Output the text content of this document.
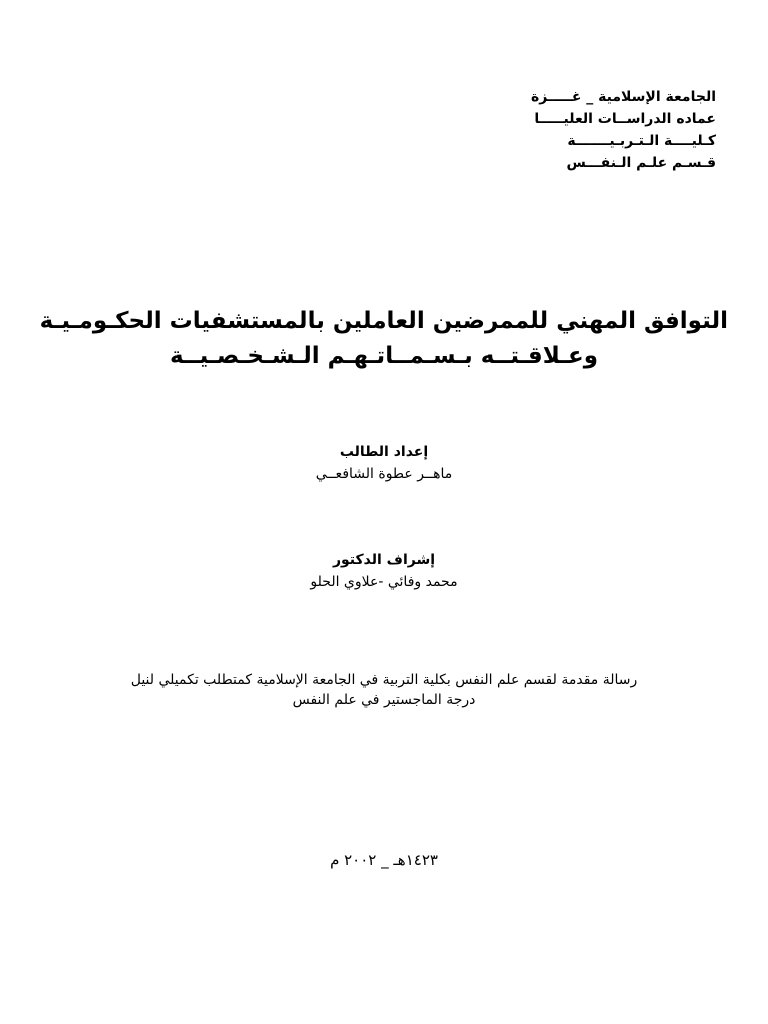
الجامعة الإسلامية _ غـــــزة
عماده الدراســات العليـــــا
كـليــــة الـتـربـيـــــــة
قـسـم علـم الـنفـــس
التوافق المهني للممرضين العاملين بالمستشفيات الحكـومـيـة
وعـلاقـتــه بـسـمــاتـهـم الـشـخـصـيــة
إعداد الطالب
ماهــر عطوة الشافعــي
إشراف الدكتور
محمد وفائي -علاوي الحلو
رسالة مقدمة لقسم علم النفس بكلية التربية في الجامعة الإسلامية كمتطلب تكميلي لنيل
درجة الماجستير في علم النفس
١٤٢٣هـ _ ٢٠٠٢ م
